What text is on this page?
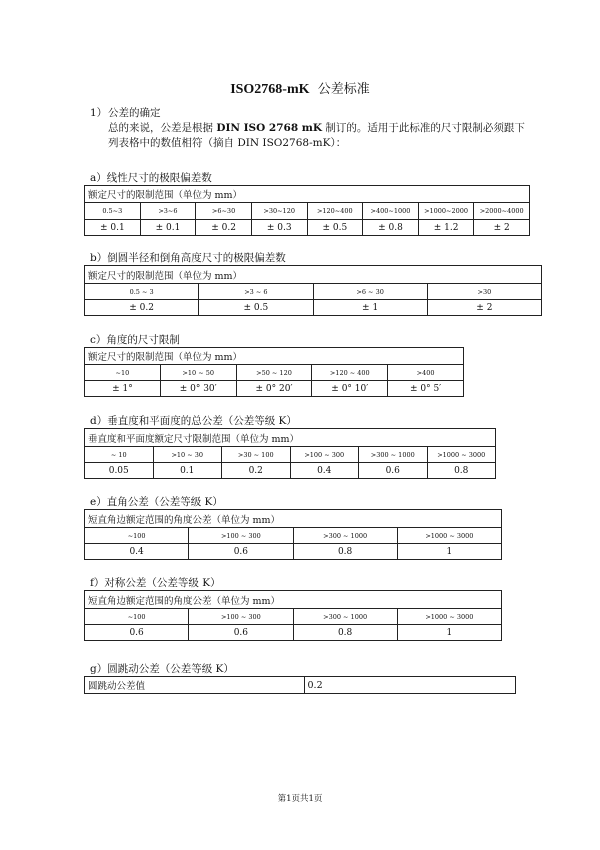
ISO2768-mK 公差标准

1）公差的确定

总的来说，公差是根据 DIN ISO 2768 mK 制订的。适用于此标准的尺寸限制必须跟下

列表格中的数值相符（摘自 DIN ISO2768-mK）：

a）线性尺寸的极限偏差数
额定尺寸的限制范围（单位为 mm）							
0.5~3	>3~6	>6~30	>30~120	>120~400	>400~1000	>1000~2000	>2000~4000
± 0.1	± 0.1	± 0.2	± 0.3	± 0.5	± 0.8	± 1.2	± 2
b）倒圆半径和倒角高度尺寸的极限偏差数
额定尺寸的限制范围（单位为 mm）			
0.5 ~ 3	>3 ~ 6	>6 ~ 30	>30
± 0.2	± 0.5	± 1	± 2
c）角度的尺寸限制
额定尺寸的限制范围（单位为 mm）				
~10	>10 ~ 50	>50 ~ 120	>120 ~ 400	>400
± 1°	± 0° 30′	± 0° 20′	± 0° 10′	± 0° 5′
d）垂直度和平面度的总公差（公差等级 K）
垂直度和平面度额定尺寸限制范围（单位为 mm）					
~ 10	>10 ~ 30	>30 ~ 100	>100 ~ 300	>300 ~ 1000	>1000 ~ 3000
0.05	0.1	0.2	0.4	0.6	0.8
e）直角公差（公差等级 K）
短直角边额定范围的角度公差（单位为 mm）			
~100	>100 ~ 300	>300 ~ 1000	>1000 ~ 3000
0.4	0.6	0.8	1
f）对称公差（公差等级 K）
短直角边额定范围的角度公差（单位为 mm）			
~100	>100 ~ 300	>300 ~ 1000	>1000 ~ 3000
0.6	0.6	0.8	1
g）圆跳动公差（公差等级 K）
圆跳动公差值	0.2
第1页共1页
